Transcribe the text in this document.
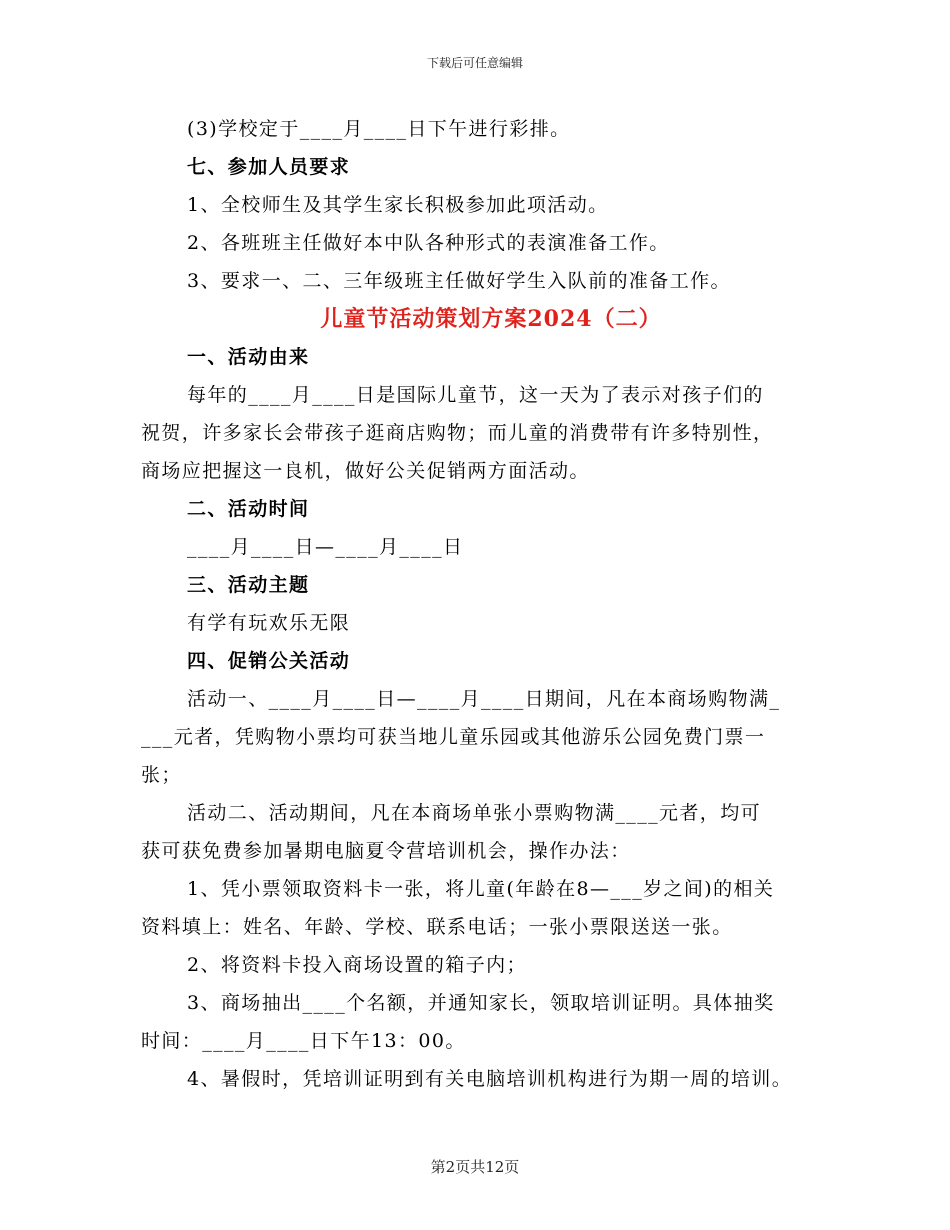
下载后可任意编辑
(3)学校定于____月____日下午进行彩排。
七、参加人员要求
1、全校师生及其学生家长积极参加此项活动。
2、各班班主任做好本中队各种形式的表演准备工作。
3、要求一、二、三年级班主任做好学生入队前的准备工作。
儿童节活动策划方案2024（二）
一、活动由来
每年的____月____日是国际儿童节，这一天为了表示对孩子们的
祝贺，许多家长会带孩子逛商店购物；而儿童的消费带有许多特别性，
商场应把握这一良机，做好公关促销两方面活动。
二、活动时间
____月____日—____月____日
三、活动主题
有学有玩欢乐无限
四、促销公关活动
活动一、____月____日—____月____日期间，凡在本商场购物满_
___元者，凭购物小票均可获当地儿童乐园或其他游乐公园免费门票一
张；
活动二、活动期间，凡在本商场单张小票购物满____元者，均可
获可获免费参加暑期电脑夏令营培训机会，操作办法：
1、凭小票领取资料卡一张，将儿童(年龄在8—___岁之间)的相关
资料填上：姓名、年龄、学校、联系电话；一张小票限送送一张。
2、将资料卡投入商场设置的箱子内；
3、商场抽出____个名额，并通知家长，领取培训证明。具体抽奖
时间：____月____日下午13：00。
4、暑假时，凭培训证明到有关电脑培训机构进行为期一周的培训。
第2页共12页
